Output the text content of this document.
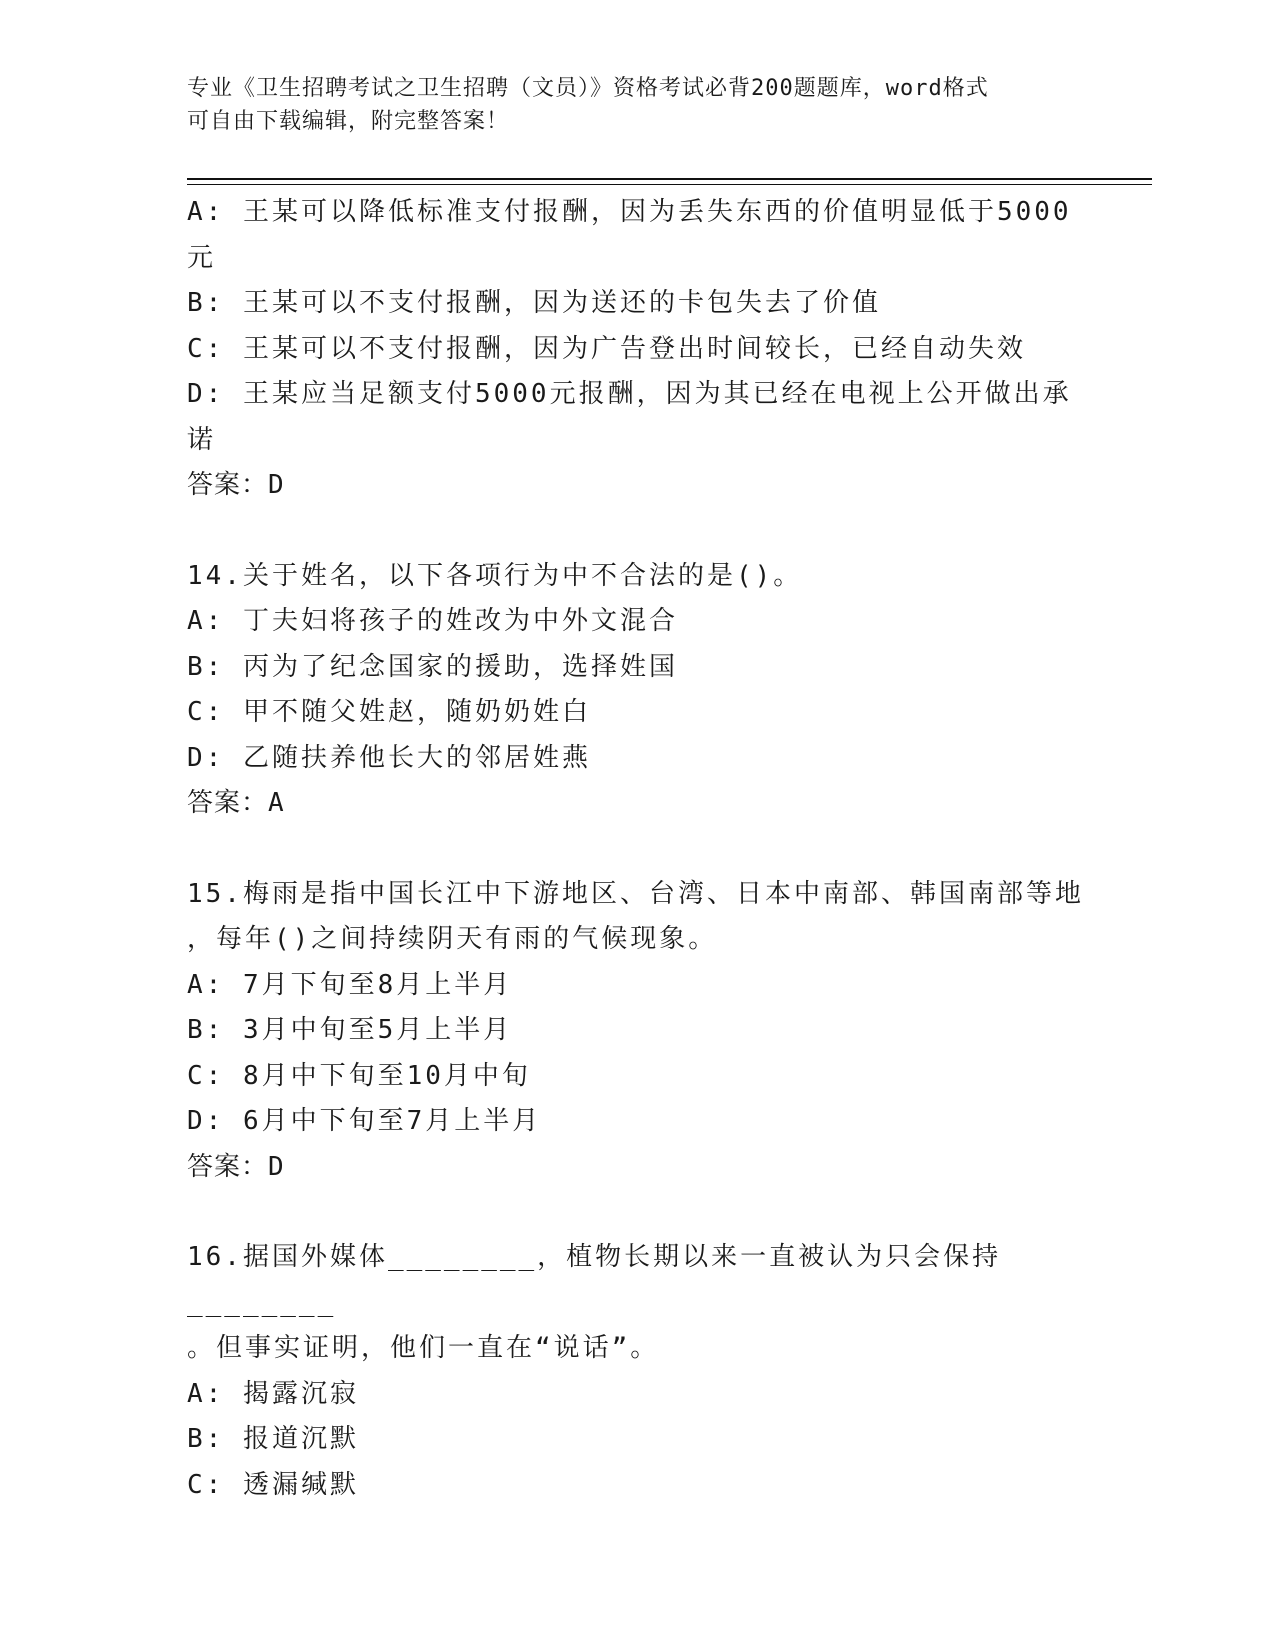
专业《卫生招聘考试之卫生招聘（文员）》资格考试必背200题题库，word格式
可自由下载编辑，附完整答案！
A: 王某可以降低标准支付报酬，因为丢失东西的价值明显低于5000
元
B: 王某可以不支付报酬，因为送还的卡包失去了价值
C: 王某可以不支付报酬，因为广告登出时间较长，已经自动失效
D: 王某应当足额支付5000元报酬，因为其已经在电视上公开做出承
诺
答案：D
14.关于姓名，以下各项行为中不合法的是()。
A: 丁夫妇将孩子的姓改为中外文混合
B: 丙为了纪念国家的援助，选择姓国
C: 甲不随父姓赵，随奶奶姓白
D: 乙随扶养他长大的邻居姓燕
答案：A
15.梅雨是指中国长江中下游地区、台湾、日本中南部、韩国南部等地
，每年()之间持续阴天有雨的气候现象。
A: 7月下旬至8月上半月
B: 3月中旬至5月上半月
C: 8月中下旬至10月中旬
D: 6月中下旬至7月上半月
答案：D
16.据国外媒体________，植物长期以来一直被认为只会保持________
。但事实证明，他们一直在“说话”。
A: 揭露沉寂
B: 报道沉默
C: 透漏缄默
